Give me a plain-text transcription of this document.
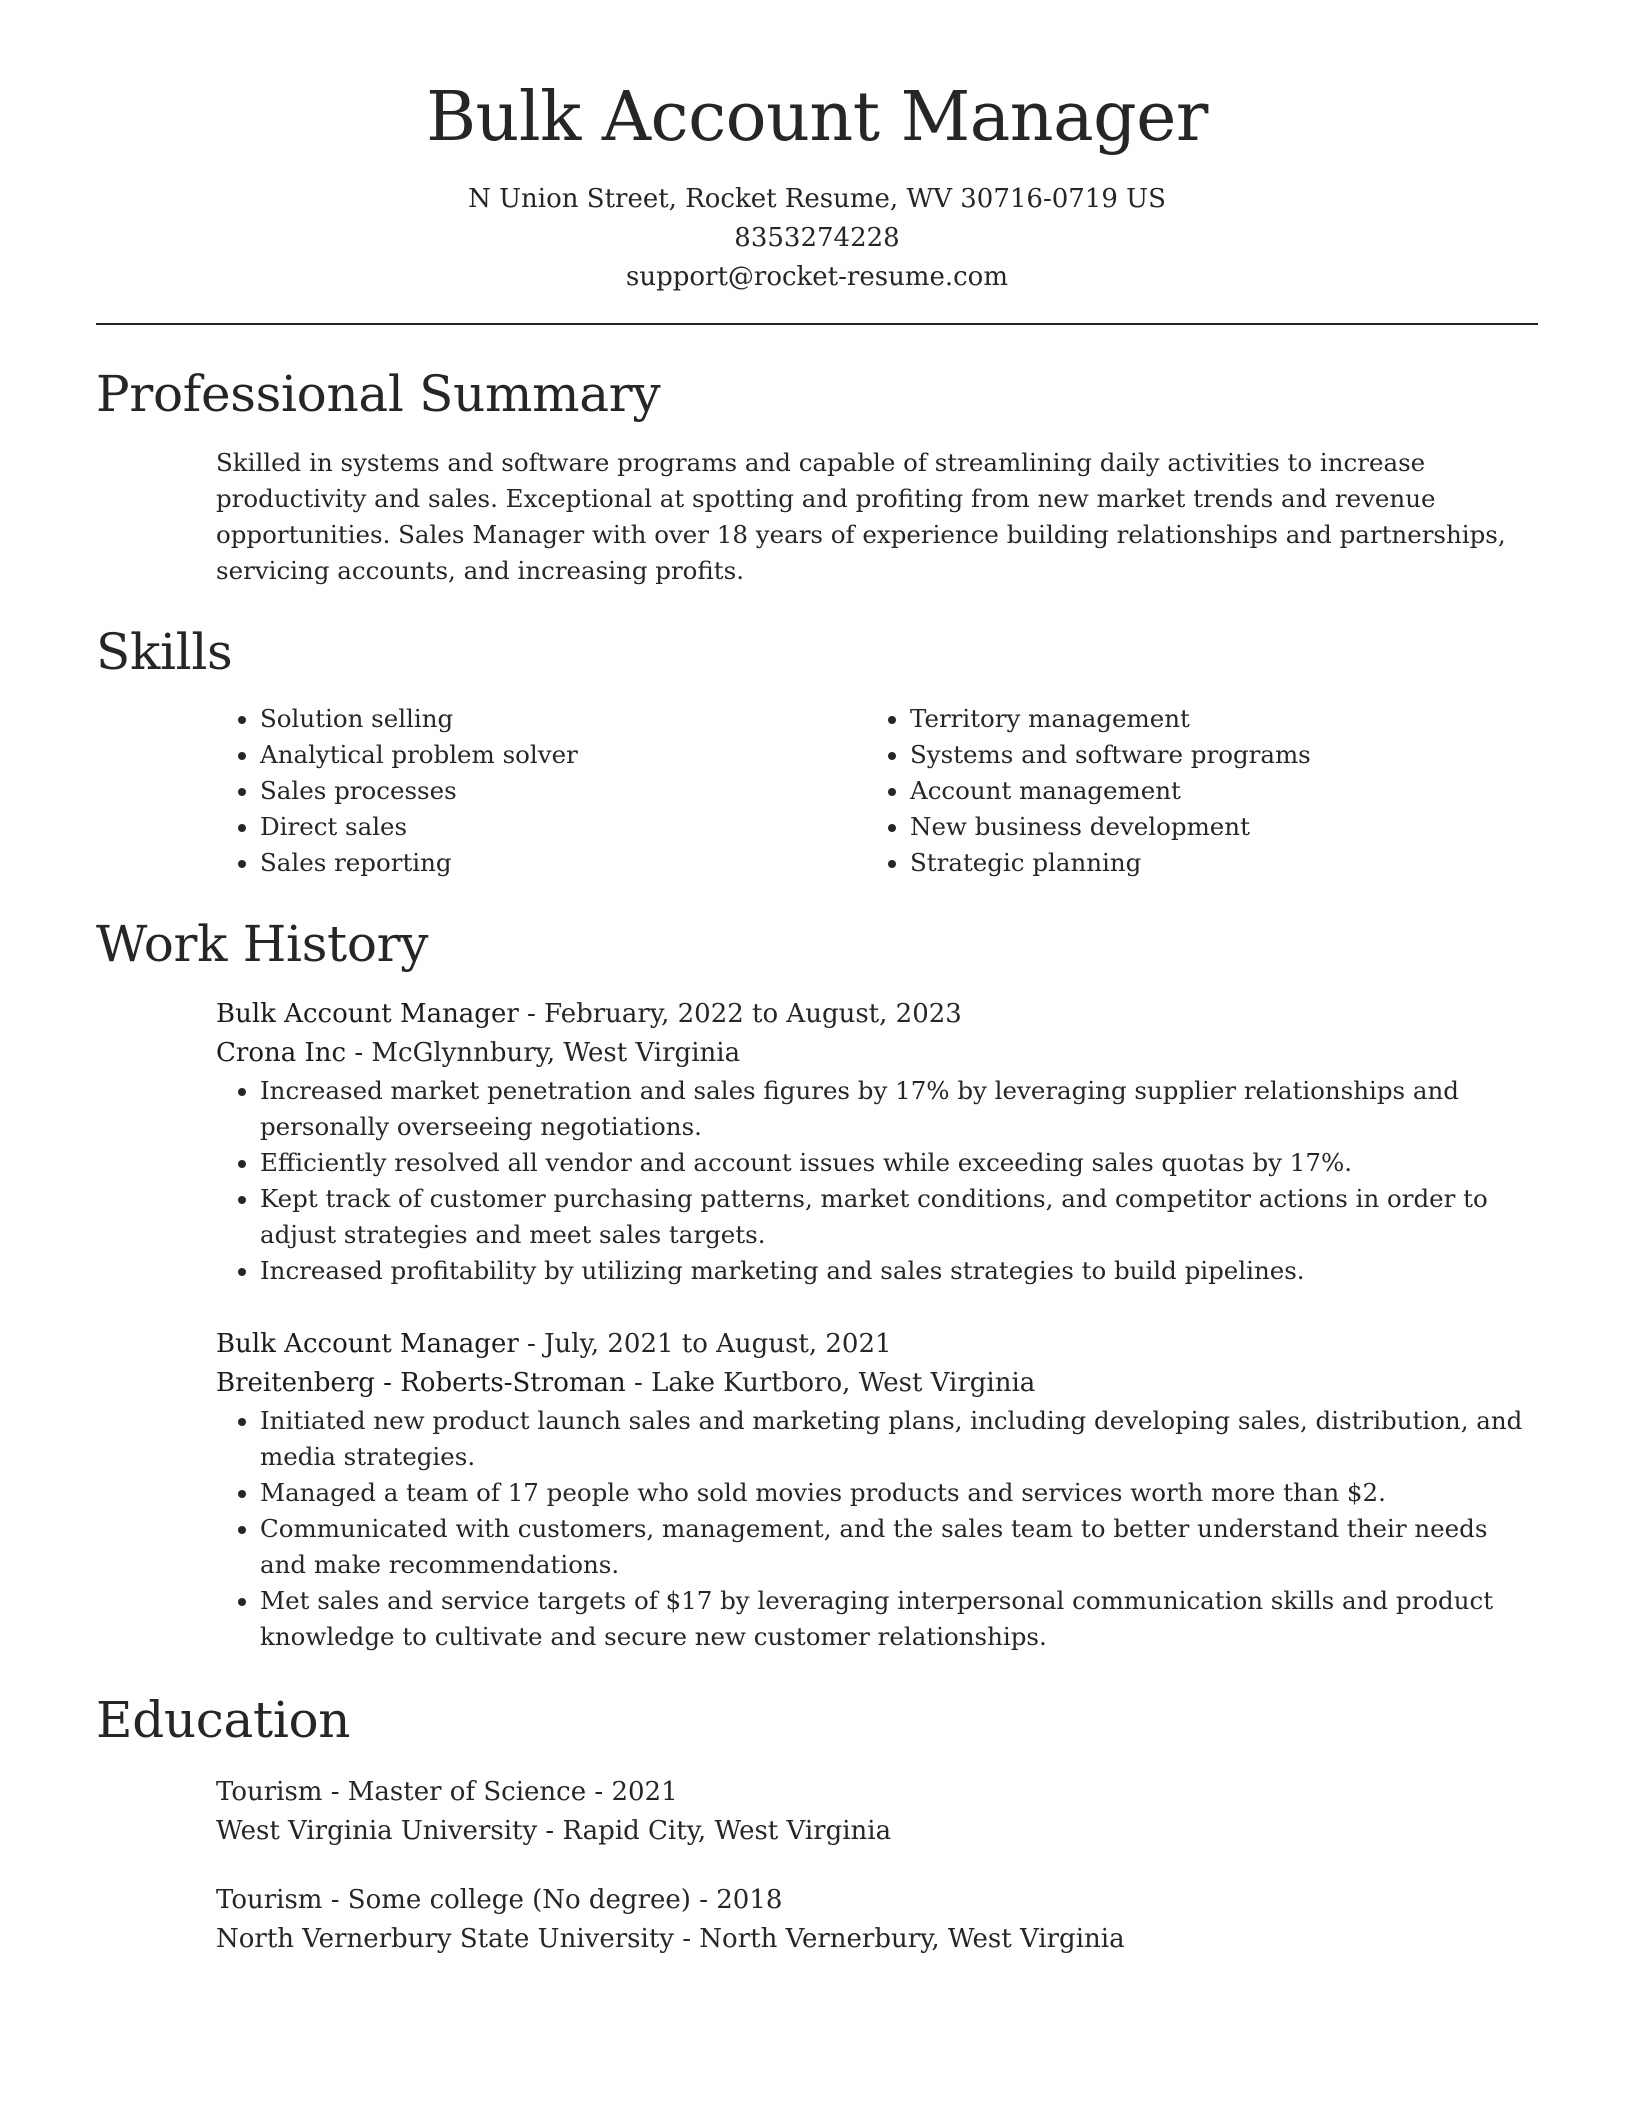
Bulk Account Manager
N Union Street, Rocket Resume, WV 30716-0719 US
8353274228
support@rocket-resume.com
Professional Summary
Skilled in systems and software programs and capable of streamlining daily activities to increase productivity and sales. Exceptional at spotting and profiting from new market trends and revenue opportunities. Sales Manager with over 18 years of experience building relationships and partnerships, servicing accounts, and increasing profits.
Skills
• Solution selling
• Analytical problem solver
• Sales processes
• Direct sales
• Sales reporting
• Territory management
• Systems and software programs
• Account management
• New business development
• Strategic planning
Work History
Bulk Account Manager - February, 2022 to August, 2023
Crona Inc - McGlynnbury, West Virginia
• Increased market penetration and sales figures by 17% by leveraging supplier relationships and personally overseeing negotiations.
• Efficiently resolved all vendor and account issues while exceeding sales quotas by 17%.
• Kept track of customer purchasing patterns, market conditions, and competitor actions in order to adjust strategies and meet sales targets.
• Increased profitability by utilizing marketing and sales strategies to build pipelines.
Bulk Account Manager - July, 2021 to August, 2021
Breitenberg - Roberts-Stroman - Lake Kurtboro, West Virginia
• Initiated new product launch sales and marketing plans, including developing sales, distribution, and media strategies.
• Managed a team of 17 people who sold movies products and services worth more than $2.
• Communicated with customers, management, and the sales team to better understand their needs and make recommendations.
• Met sales and service targets of $17 by leveraging interpersonal communication skills and product knowledge to cultivate and secure new customer relationships.
Education
Tourism - Master of Science - 2021
West Virginia University - Rapid City, West Virginia
Tourism - Some college (No degree) - 2018
North Vernerbury State University - North Vernerbury, West Virginia
